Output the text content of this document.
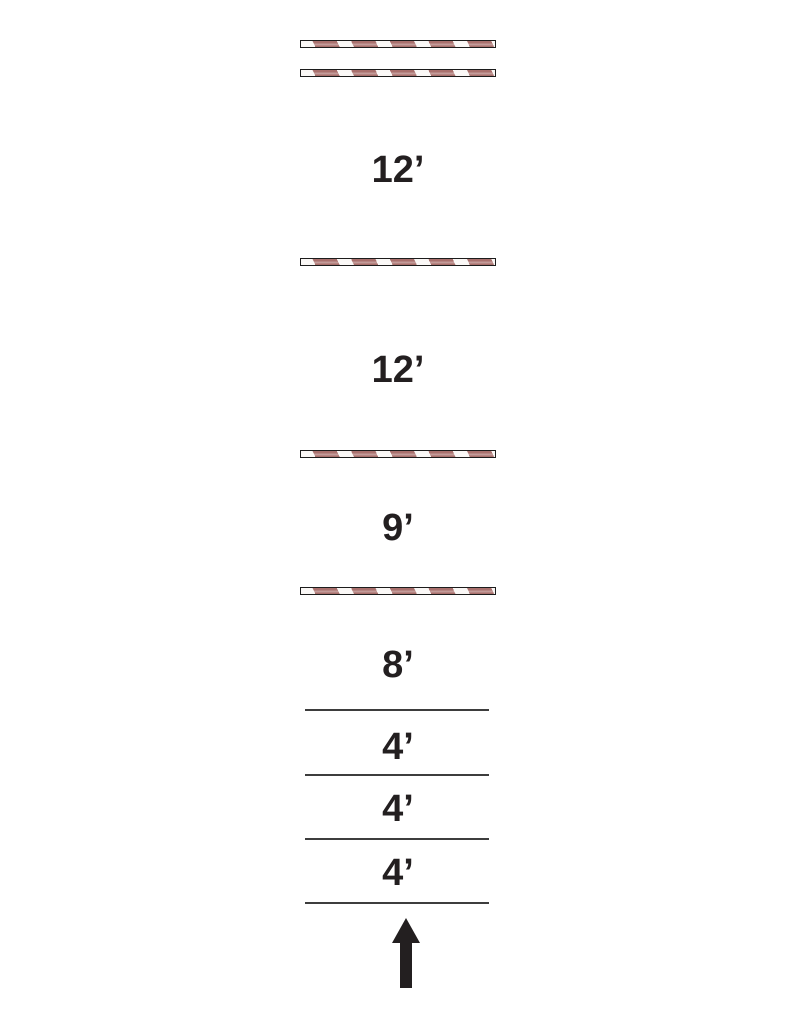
12’
12’
9’
8’
4’
4’
4’
